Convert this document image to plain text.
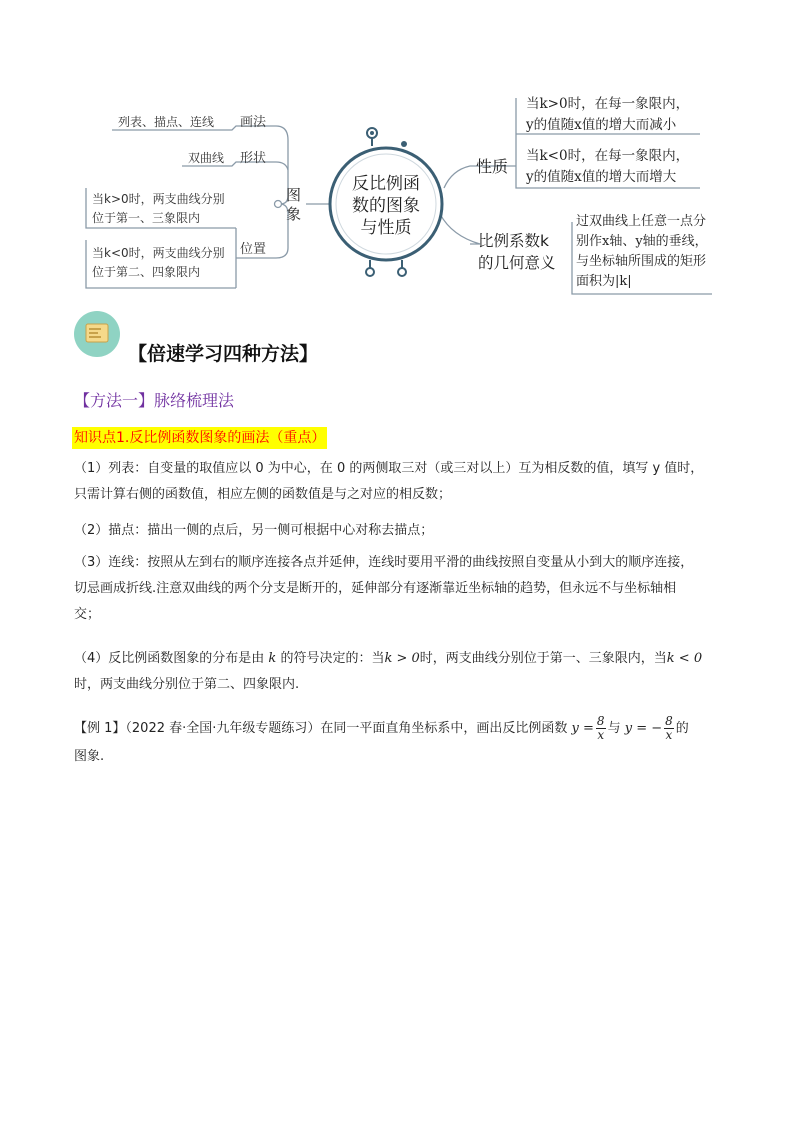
反比例函
数的图象
与性质
图象
画法
列表、描点、连线
形状
双曲线
位置
当k>0时，两支曲线分别
位于第一、三象限内
当k<0时，两支曲线分别
位于第二、四象限内
性质
当k>0时，在每一象限内，
y的值随x值的增大而减小
当k<0时，在每一象限内，
y的值随x值的增大而增大
比例系数k
的几何意义
过双曲线上任意一点分
别作x轴、y轴的垂线，
与坐标轴所围成的矩形
面积为|k|
【倍速学习四种方法】
【方法一】脉络梳理法
知识点1.反比例函数图象的画法（重点）
（1）列表：自变量的取值应以 0 为中心，在 0 的两侧取三对（或三对以上）互为相反数的值，填写 y 值时，
只需计算右侧的函数值，相应左侧的函数值是与之对应的相反数；
（2）描点：描出一侧的点后，另一侧可根据中心对称去描点；
（3）连线：按照从左到右的顺序连接各点并延伸，连线时要用平滑的曲线按照自变量从小到大的顺序连接，
切忌画成折线.注意双曲线的两个分支是断开的，延伸部分有逐渐靠近坐标轴的趋势，但永远不与坐标轴相
交；
（4）反比例函数图象的分布是由 k 的符号决定的：当k > 0时，两支曲线分别位于第一、三象限内，当k < 0
时，两支曲线分别位于第二、四象限内.
【例 1】（2022 春·全国·九年级专题练习）在同一平面直角坐标系中，画出反比例函数 $y = \frac{8}{x}$ 与 y = − $\frac{8}{x}$ 的
图象.
